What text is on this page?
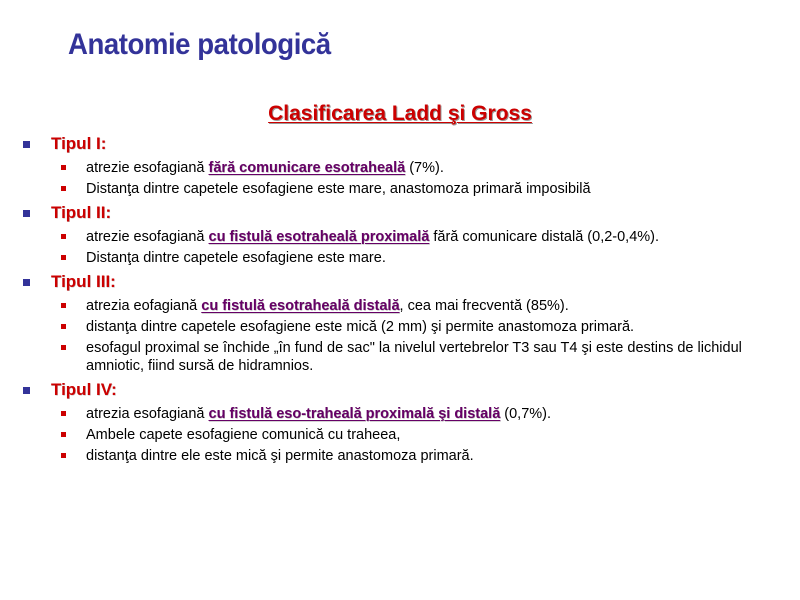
Anatomie patologică
Clasificarea Ladd şi Gross
Tipul I:
atrezie esofagiană fără comunicare esotraheală (7%).
Distanţa dintre capetele esofagiene este mare, anastomoza primară imposibilă
Tipul II:
atrezie esofagiană cu fistulă esotraheală proximală fără comunicare distală (0,2-0,4%).
Distanţa dintre capetele esofagiene este mare.
Tipul III:
atrezia eofagiană cu fistulă esotraheală distală, cea mai frecventă (85%).
distanţa dintre capetele esofagiene este mică (2 mm) şi permite anastomoza primară.
esofagul proximal se închide „în fund de sac" la nivelul vertebrelor T3 sau T4 şi este destins de lichidul amniotic, fiind sursă de hidramnios.
Tipul IV:
atrezia esofagiană cu fistulă eso-traheală proximală şi distală (0,7%).
Ambele capete esofagiene comunică cu traheea,
distanţa dintre ele este mică şi permite anastomoza primară.
